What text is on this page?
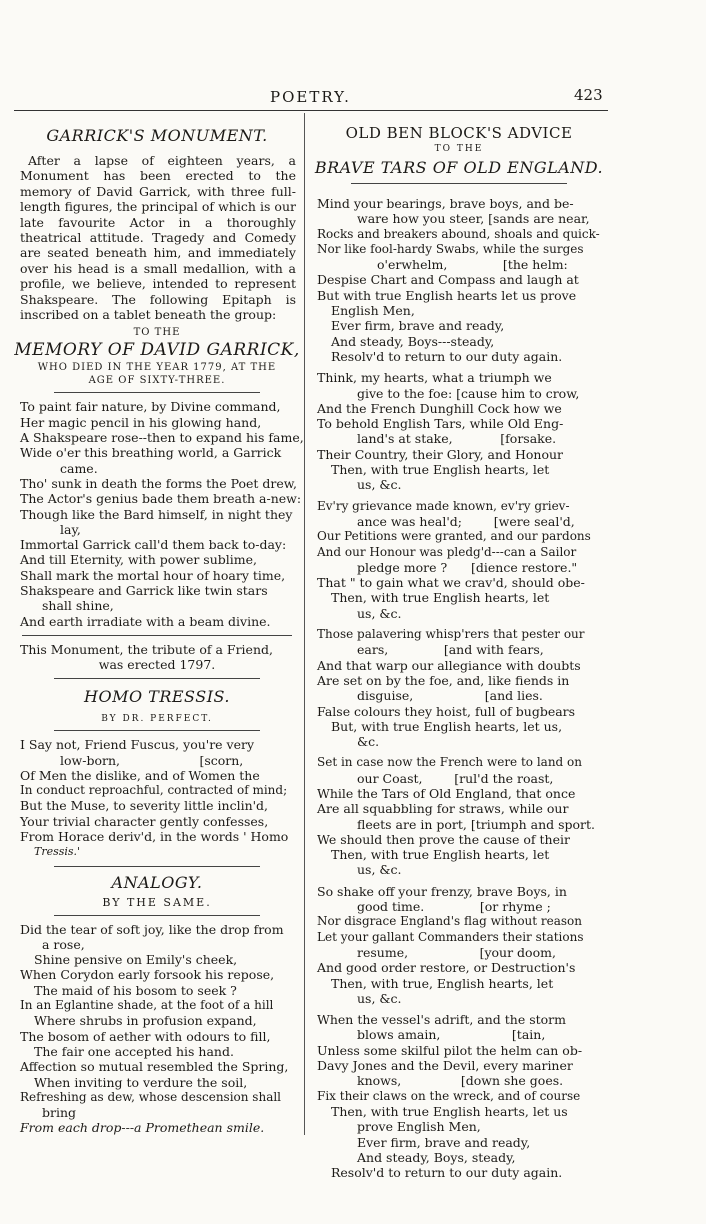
POETRY.	423
GARRICK'S MONUMENT.
After a lapse of eighteen years, a Monument has been erected to the memory of David Garrick, with three full-length figures, the principal of which is our late favourite Actor in a thoroughly theatrical attitude. Tragedy and Comedy are seated beneath him, and immediately over his head is a small medallion, with a profile, we believe, intended to represent Shakspeare. The following Epitaph is inscribed on a tablet beneath the group:
TO THE
MEMORY OF DAVID GARRICK,
WHO DIED IN THE YEAR 1779, AT THE
AGE OF SIXTY-THREE.
To paint fair nature, by Divine command,
Her magic pencil in his glowing hand,
A Shakspeare rose--then to expand his fame,
Wide o'er this breathing world, a Garrick
came.
Tho' sunk in death the forms the Poet drew,
The Actor's genius bade them breath a-new:
Though like the Bard himself, in night they
lay,
Immortal Garrick call'd them back to-day:
And till Eternity, with power sublime,
Shall mark the mortal hour of hoary time,
Shakspeare and Garrick like twin stars
shall shine,
And earth irradiate with a beam divine.
This Monument, the tribute of a Friend,
was erected 1797.
HOMO TRESSIS.
BY DR. PERFECT.
I Say not, Friend Fuscus, you're very
low-born,                    [scorn,
Of Men the dislike, and of Women the
In conduct reproachful, contracted of mind;
But the Muse, to severity little inclin'd,
Your trivial character gently confesses,
From Horace deriv'd, in the words ' Homo
Tressis.'
ANALOGY.
BY THE SAME.
Did the tear of soft joy, like the drop from
a rose,
Shine pensive on Emily's cheek,
When Corydon early forsook his repose,
The maid of his bosom to seek ?
In an Eglantine shade, at the foot of a hill
Where shrubs in profusion expand,
The bosom of aether with odours to fill,
The fair one accepted his hand.
Affection so mutual resembled the Spring,
When inviting to verdure the soil,
Refreshing as dew, whose descension shall
bring
From each drop---a Promethean smile.
OLD BEN BLOCK'S ADVICE
TO THE
BRAVE TARS OF OLD ENGLAND.
Mind your bearings, brave boys, and be-
ware how you steer, [sands are near,
Rocks and breakers abound, shoals and quick-
Nor like fool-hardy Swabs, while the surges
o'erwhelm,              [the helm:
Despise Chart and Compass and laugh at
But with true English hearts let us prove
English Men,
Ever firm, brave and ready,
And steady, Boys---steady,
Resolv'd to return to our duty again.
Think, my hearts, what a triumph we
give to the foe: [cause him to crow,
And the French Dunghill Cock how we
To behold English Tars, while Old Eng-
land's at stake,            [forsake.
Their Country, their Glory, and Honour
Then, with true English hearts, let
us, &c.
Ev'ry grievance made known, ev'ry griev-
ance was heal'd;        [were seal'd,
Our Petitions were granted, and our pardons
And our Honour was pledg'd---can a Sailor
pledge more ?      [dience restore."
That " to gain what we crav'd, should obe-
Then, with true English hearts, let
us, &c.
Those palavering whisp'rers that pester our
ears,              [and with fears,
And that warp our allegiance with doubts
Are set on by the foe, and, like fiends in
disguise,                  [and lies.
False colours they hoist, full of bugbears
But, with true English hearts, let us,
&c.
Set in case now the French were to land on
our Coast,        [rul'd the roast,
While the Tars of Old England, that once
Are all squabbling for straws, while our
fleets are in port, [triumph and sport.
We should then prove the cause of their
Then, with true English hearts, let
us, &c.
So shake off your frenzy, brave Boys, in
good time.              [or rhyme ;
Nor disgrace England's flag without reason
Let your gallant Commanders their stations
resume,                  [your doom,
And good order restore, or Destruction's
Then, with true, English hearts, let
us, &c.
When the vessel's adrift, and the storm
blows amain,                  [tain,
Unless some skilful pilot the helm can ob-
Davy Jones and the Devil, every mariner
knows,               [down she goes.
Fix their claws on the wreck, and of course
Then, with true English hearts, let us
prove English Men,
Ever firm, brave and ready,
And steady, Boys, steady,
Resolv'd to return to our duty again.
